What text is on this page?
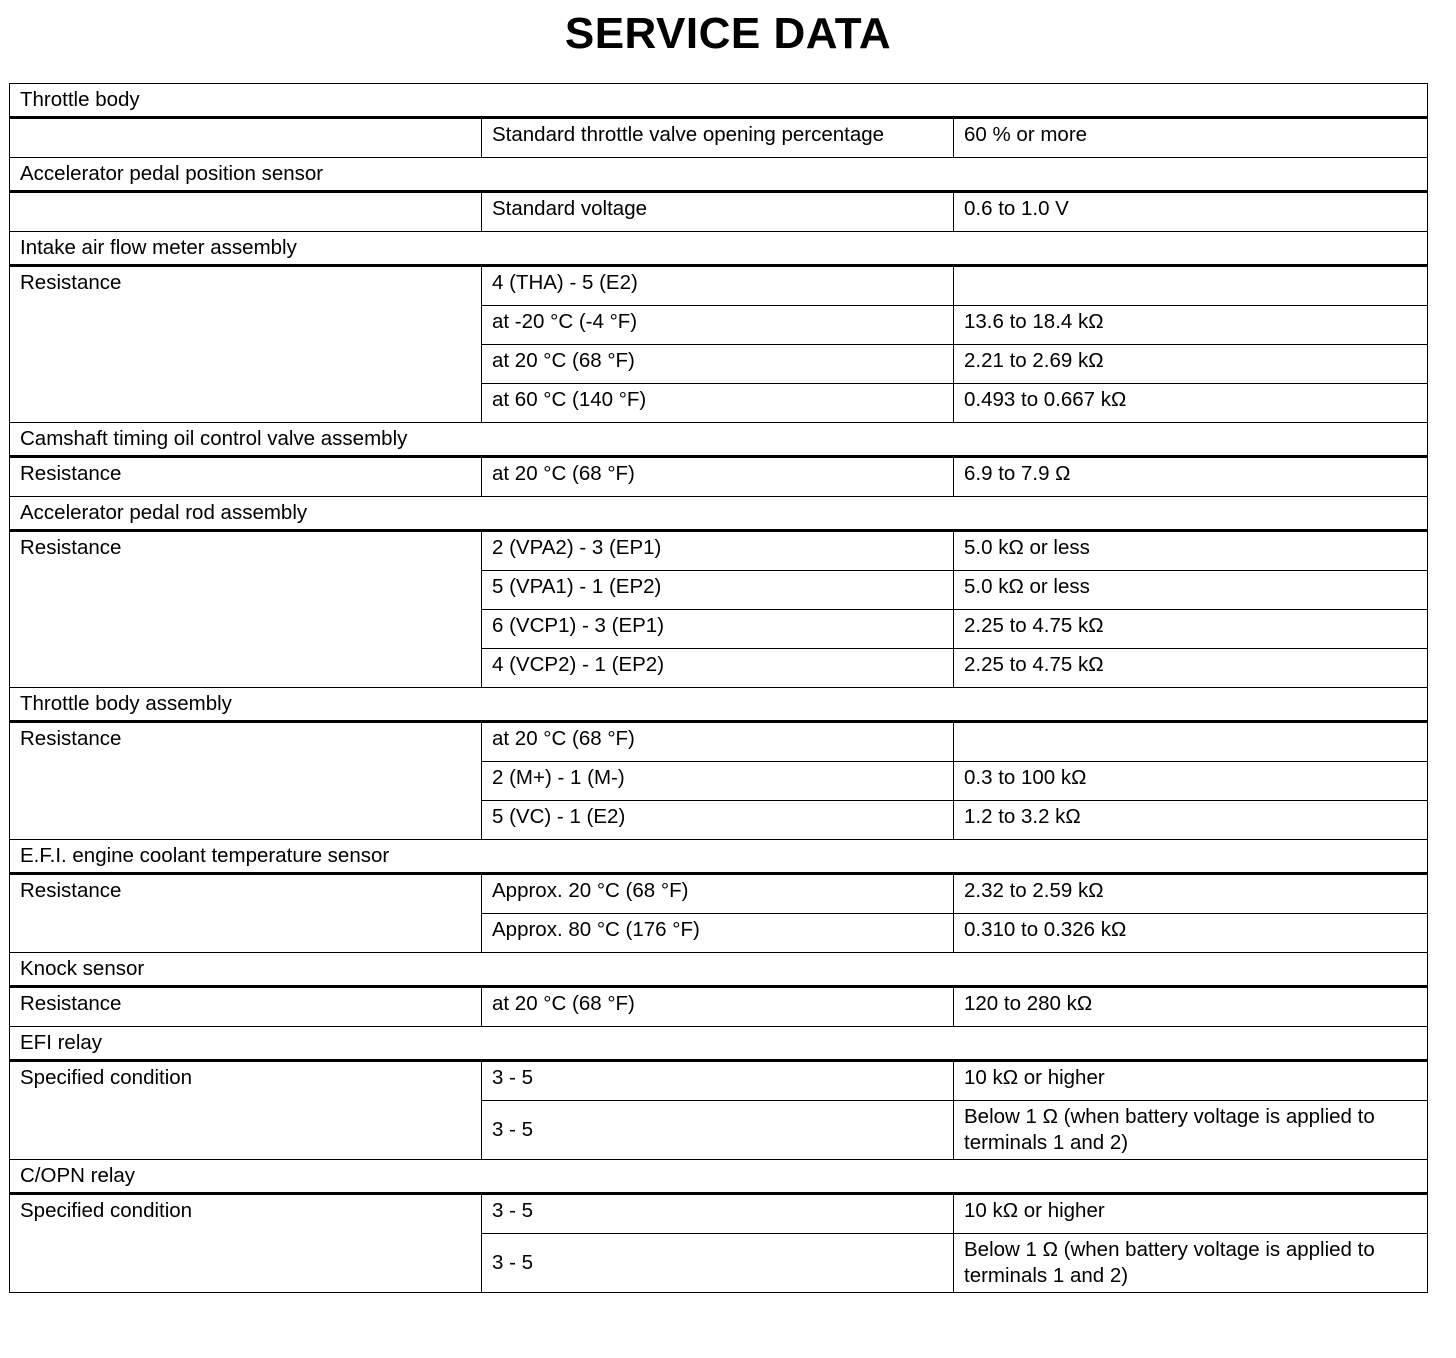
SERVICE DATA
Throttle body		
	Standard throttle valve opening percentage	60 % or more
Accelerator pedal position sensor		
	Standard voltage	0.6 to 1.0 V
Intake air flow meter assembly		
Resistance	4 (THA) - 5 (E2)	
	at -20 °C (-4 °F)	13.6 to 18.4 kΩ
	at 20 °C (68 °F)	2.21 to 2.69 kΩ
	at 60 °C (140 °F)	0.493 to 0.667 kΩ
Camshaft timing oil control valve assembly		
Resistance	at 20 °C (68 °F)	6.9 to 7.9 Ω
Accelerator pedal rod assembly		
Resistance	2 (VPA2) - 3 (EP1)	5.0 kΩ or less
	5 (VPA1) - 1 (EP2)	5.0 kΩ or less
	6 (VCP1) - 3 (EP1)	2.25 to 4.75 kΩ
	4 (VCP2) - 1 (EP2)	2.25 to 4.75 kΩ
Throttle body assembly		
Resistance	at 20 °C (68 °F)	
	2 (M+) - 1 (M-)	0.3 to 100 kΩ
	5 (VC) - 1 (E2)	1.2 to 3.2 kΩ
E.F.I. engine coolant temperature sensor		
Resistance	Approx. 20 °C (68 °F)	2.32 to 2.59 kΩ
	Approx. 80 °C (176 °F)	0.310 to 0.326 kΩ
Knock sensor		
Resistance	at 20 °C (68 °F)	120 to 280 kΩ
EFI relay		
Specified condition	3 - 5	10 kΩ or higher
	3 - 5	Below 1 Ω (when battery voltage is applied to terminals 1 and 2)
C/OPN relay		
Specified condition	3 - 5	10 kΩ or higher
	3 - 5	Below 1 Ω (when battery voltage is applied to terminals 1 and 2)
